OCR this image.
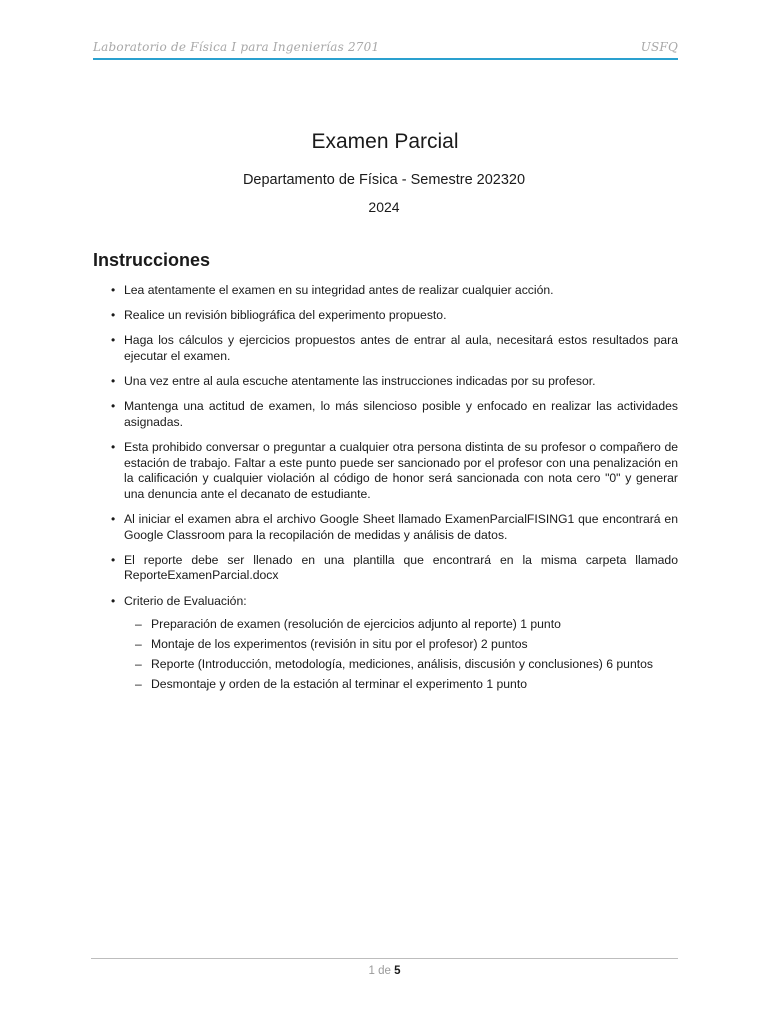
Laboratorio de Física I para Ingenierías 2701	USFQ
Examen Parcial
Departamento de Física - Semestre 202320
2024
Instrucciones
• Lea atentamente el examen en su integridad antes de realizar cualquier acción.
• Realice un revisión bibliográfica del experimento propuesto.
• Haga los cálculos y ejercicios propuestos antes de entrar al aula, necesitará estos resultados para ejecutar el examen.
• Una vez entre al aula escuche atentamente las instrucciones indicadas por su profesor.
• Mantenga una actitud de examen, lo más silencioso posible y enfocado en realizar las actividades asignadas.
• Esta prohibido conversar o preguntar a cualquier otra persona distinta de su profesor o compañero de estación de trabajo. Faltar a este punto puede ser sancionado por el profesor con una penalización en la calificación y cualquier violación al código de honor será sancionada con nota cero "0" y generar una denuncia ante el decanato de estudiante.
• Al iniciar el examen abra el archivo Google Sheet llamado ExamenParcialFISING1 que encontrará en Google Classroom para la recopilación de medidas y análisis de datos.
• El reporte debe ser llenado en una plantilla que encontrará en la misma carpeta llamado ReporteExamenParcial.docx
• Criterio de Evaluación:
– Preparación de examen (resolución de ejercicios adjunto al reporte) 1 punto
– Montaje de los experimentos (revisión in situ por el profesor) 2 puntos
– Reporte (Introducción, metodología, mediciones, análisis, discusión y conclusiones) 6 puntos
– Desmontaje y orden de la estación al terminar el experimento 1 punto
1 de 5
